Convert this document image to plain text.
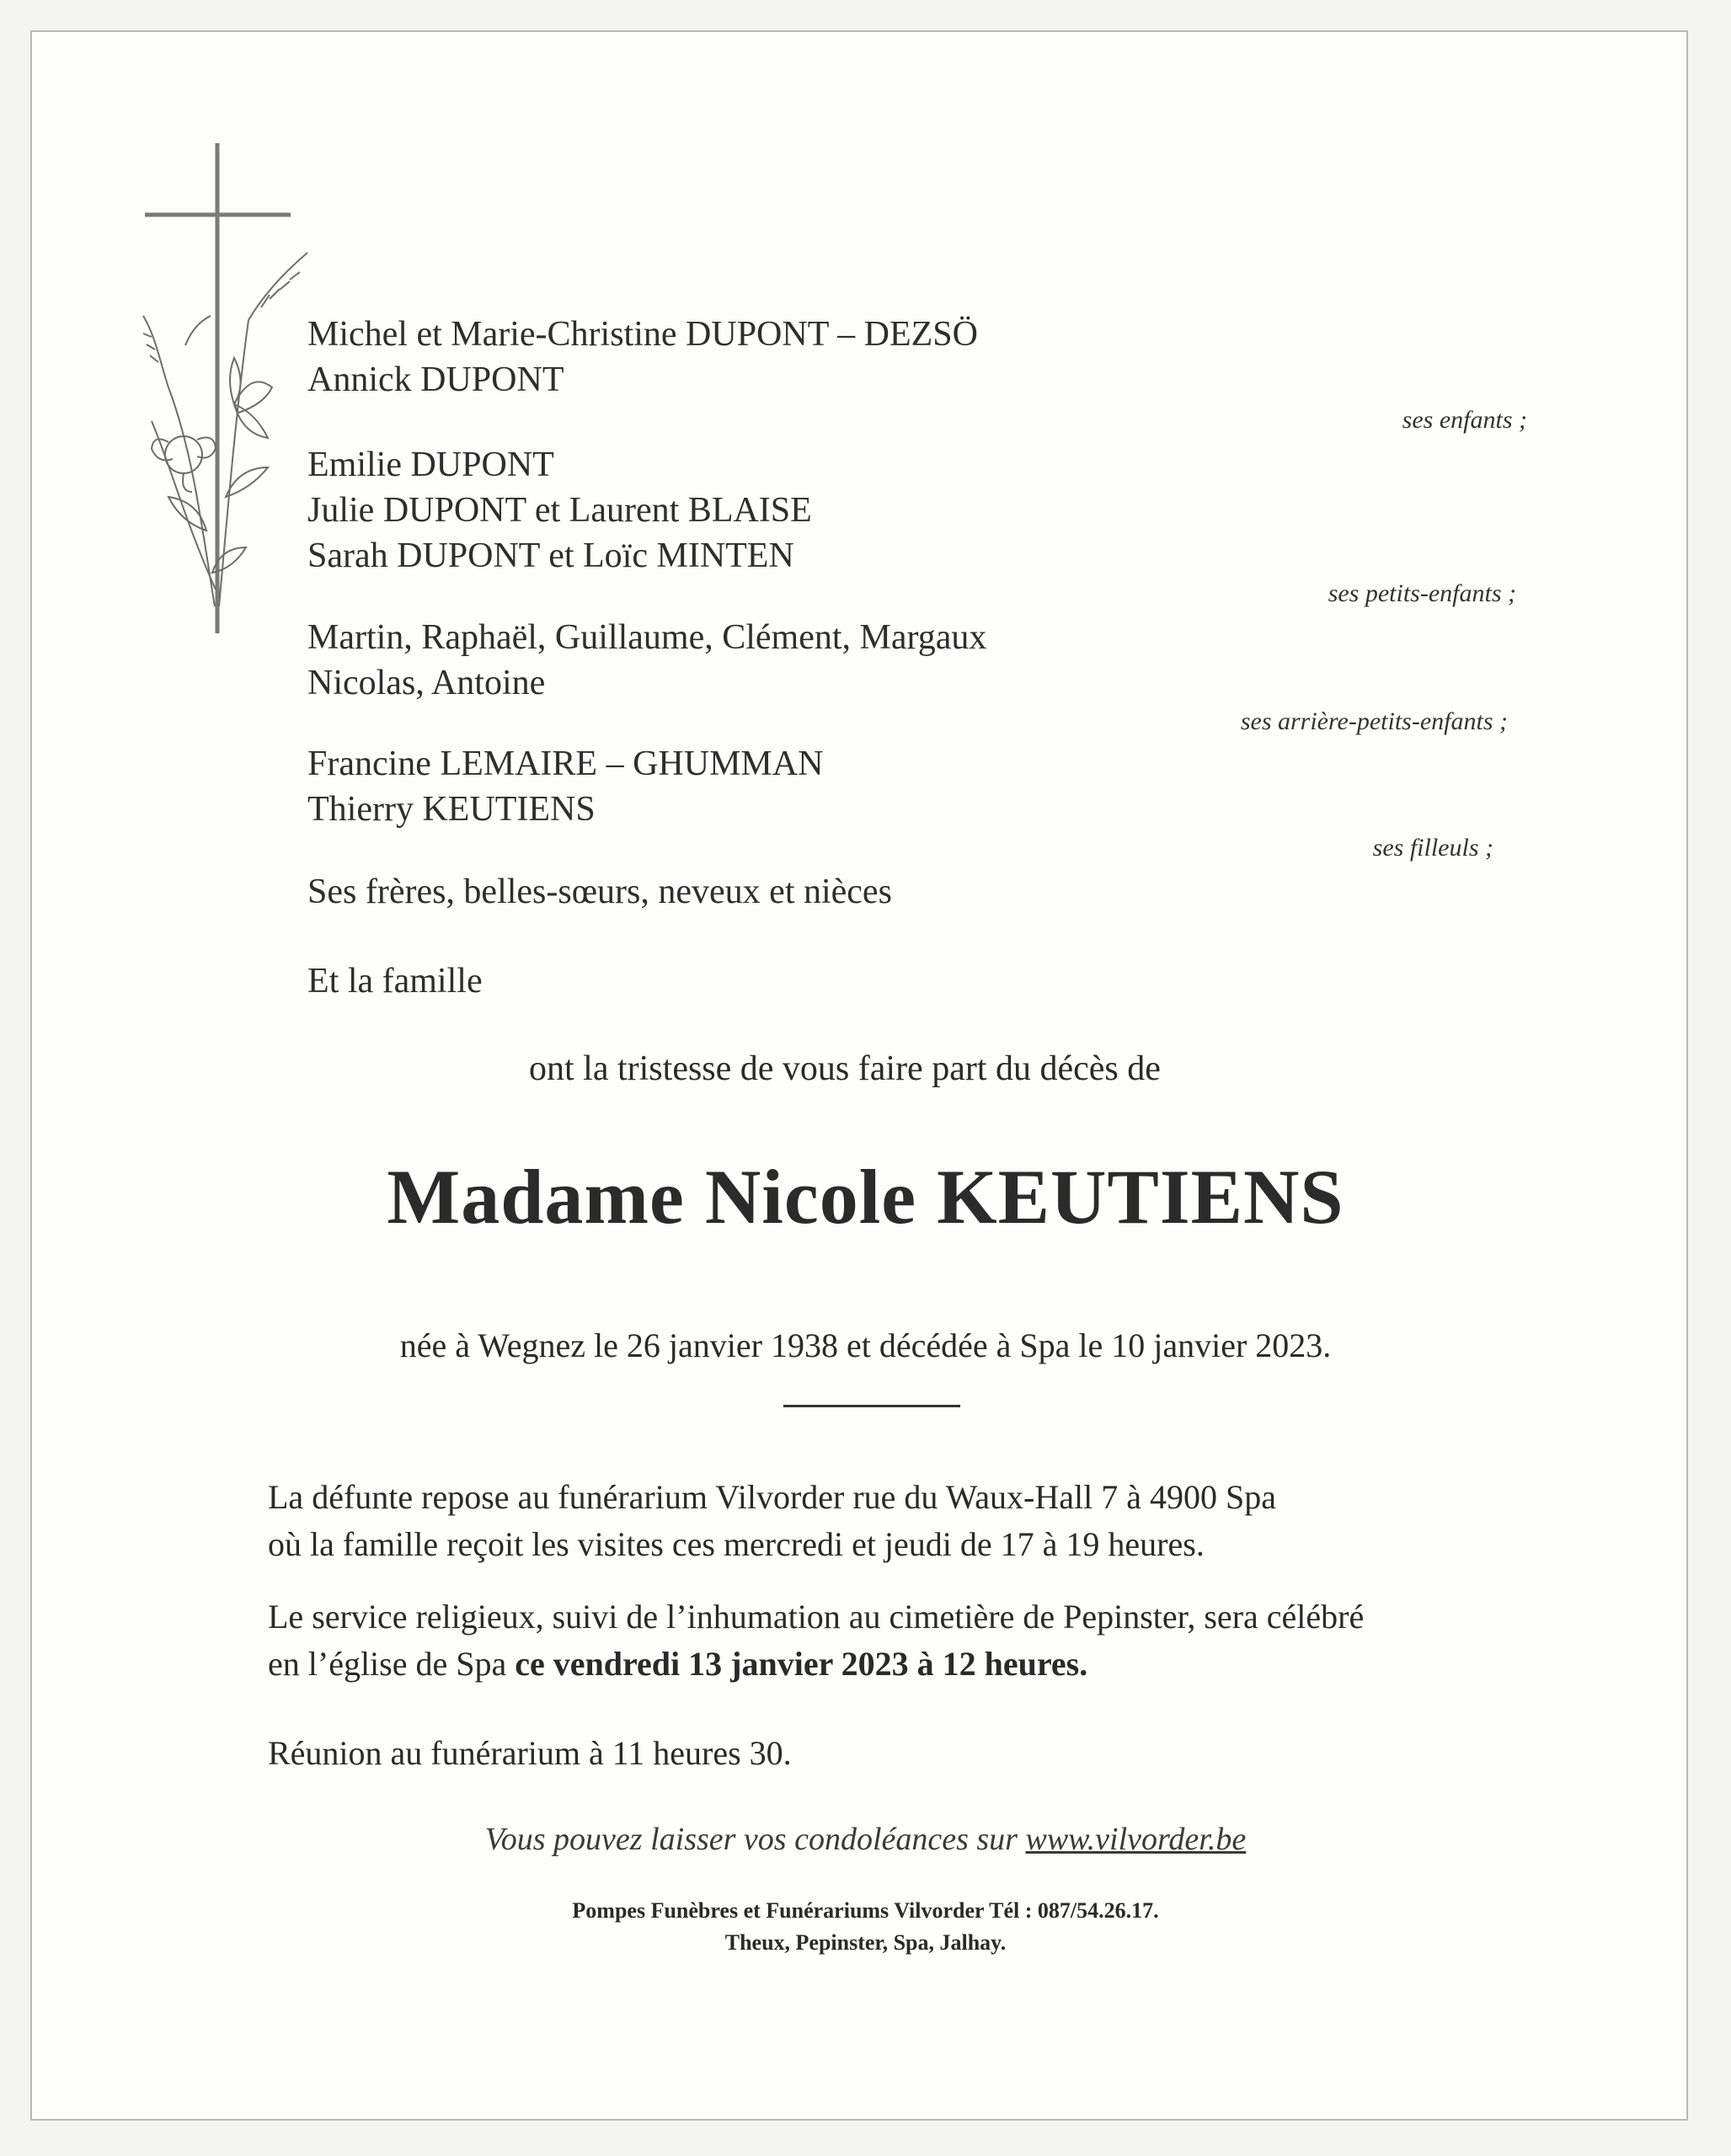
Michel et Marie-Christine DUPONT – DEZSÖ
Annick DUPONT
ses enfants ;
Emilie DUPONT
Julie DUPONT et Laurent BLAISE
Sarah DUPONT et Loïc MINTEN
ses petits-enfants ;
Martin, Raphaël, Guillaume, Clément, Margaux
Nicolas, Antoine
ses arrière-petits-enfants ;
Francine LEMAIRE – GHUMMAN
Thierry KEUTIENS
ses filleuls ;
Ses frères, belles-sœurs, neveux et nièces
Et la famille
ont la tristesse de vous faire part du décès de
Madame Nicole KEUTIENS
née à Wegnez le 26 janvier 1938 et décédée à Spa le 10 janvier 2023.
La défunte repose au funérarium Vilvorder rue du Waux-Hall 7 à 4900 Spa
où la famille reçoit les visites ces mercredi et jeudi de 17 à 19 heures.
Le service religieux, suivi de l’inhumation au cimetière de Pepinster, sera célébré
en l’église de Spa ce vendredi 13 janvier 2023 à 12 heures.
Réunion au funérarium à 11 heures 30.
Vous pouvez laisser vos condoléances sur www.vilvorder.be
Pompes Funèbres et Funérariums Vilvorder Tél : 087/54.26.17.
Theux, Pepinster, Spa, Jalhay.
